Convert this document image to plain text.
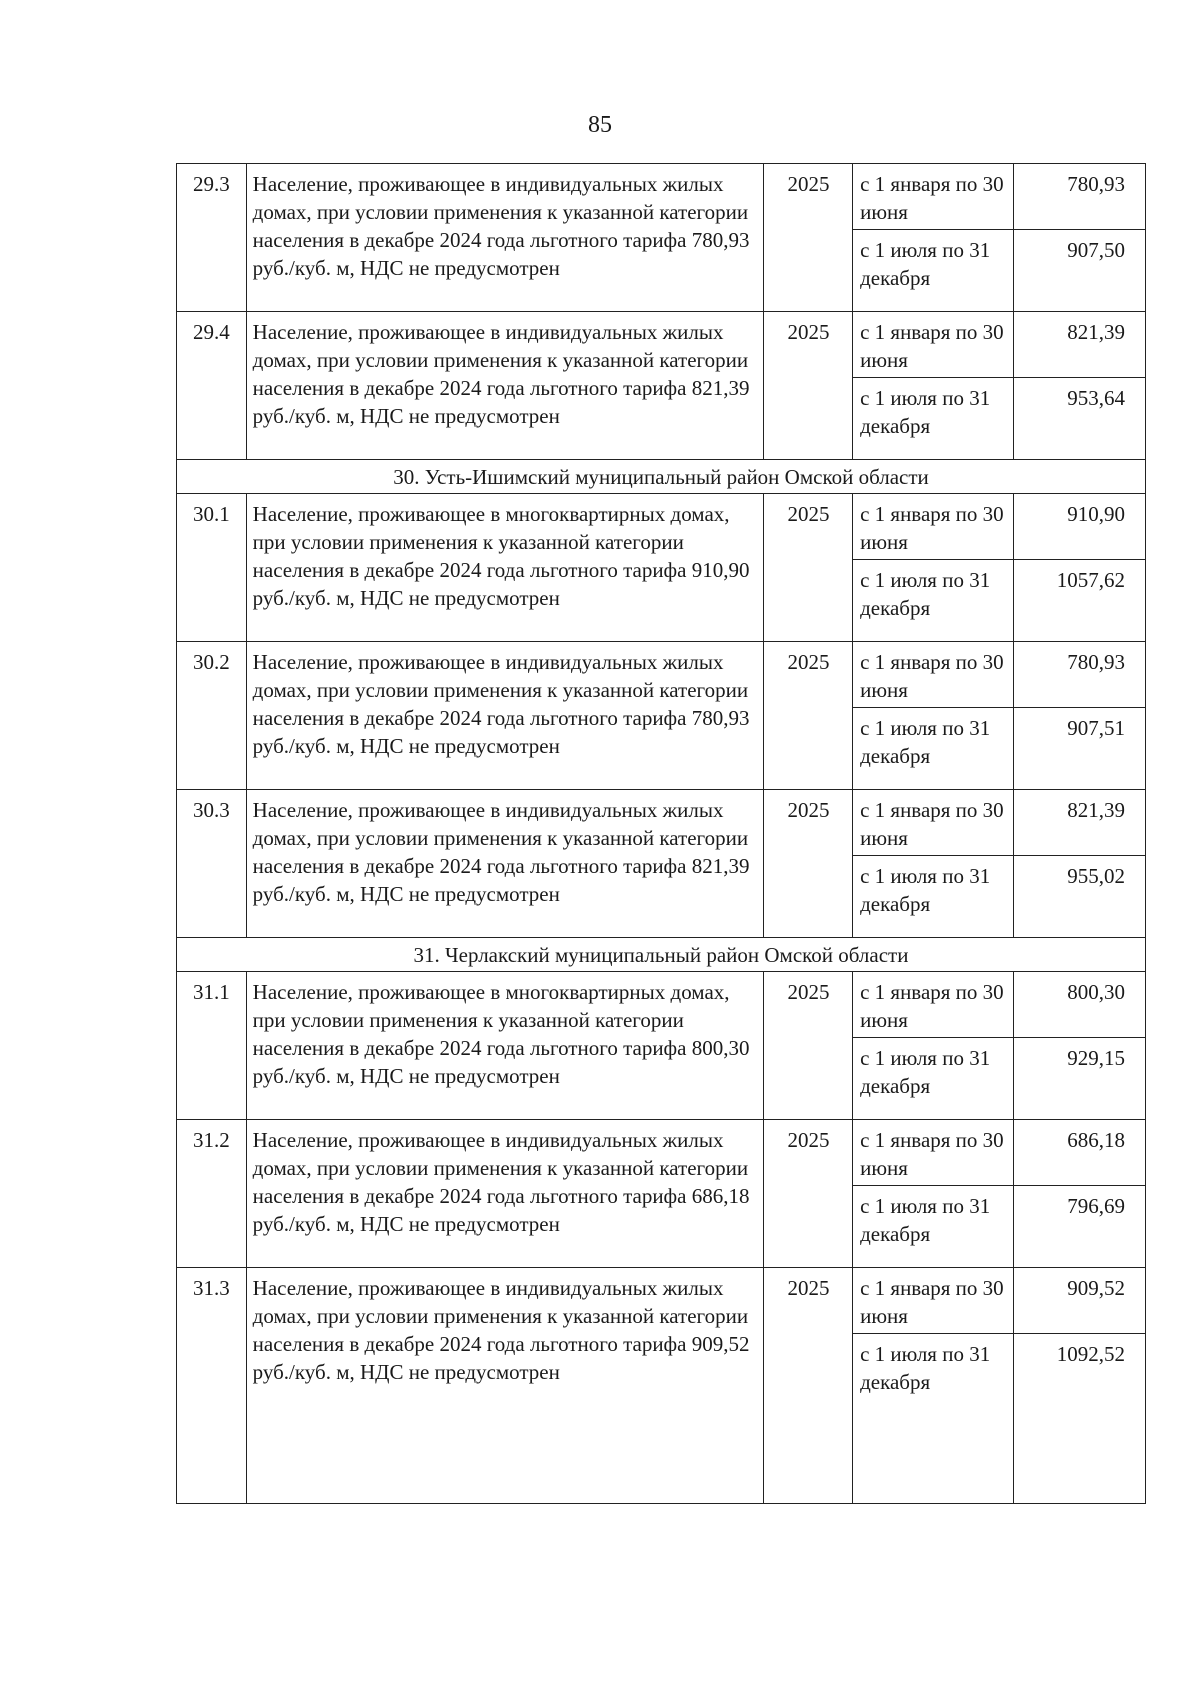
85
29.3	Население, проживающее в индивидуальных жилых домах, при условии применения к указанной категории населения в декабре 2024 года льготного тарифа 780,93 руб./куб. м, НДС не предусмотрен	2025	с 1 января по 30 июня	780,93
			с 1 июля по 31 декабря	907,50
29.4	Население, проживающее в индивидуальных жилых домах, при условии применения к указанной категории населения в декабре 2024 года льготного тарифа 821,39 руб./куб. м, НДС не предусмотрен	2025	с 1 января по 30 июня	821,39
			с 1 июля по 31 декабря	953,64
30. Усть-Ишимский муниципальный район Омской области				
30.1	Население, проживающее в многоквартирных домах, при условии применения к указанной категории населения в декабре 2024 года льготного тарифа 910,90 руб./куб. м, НДС не предусмотрен	2025	с 1 января по 30 июня	910,90
			с 1 июля по 31 декабря	1057,62
30.2	Население, проживающее в индивидуальных жилых домах, при условии применения к указанной категории населения в декабре 2024 года льготного тарифа 780,93 руб./куб. м, НДС не предусмотрен	2025	с 1 января по 30 июня	780,93
			с 1 июля по 31 декабря	907,51
30.3	Население, проживающее в индивидуальных жилых домах, при условии применения к указанной категории населения в декабре 2024 года льготного тарифа 821,39 руб./куб. м, НДС не предусмотрен	2025	с 1 января по 30 июня	821,39
			с 1 июля по 31 декабря	955,02
31. Черлакский муниципальный район Омской области				
31.1	Население, проживающее в многоквартирных домах, при условии применения к указанной категории населения в декабре 2024 года льготного тарифа 800,30 руб./куб. м, НДС не предусмотрен	2025	с 1 января по 30 июня	800,30
			с 1 июля по 31 декабря	929,15
31.2	Население, проживающее в индивидуальных жилых домах, при условии применения к указанной категории населения в декабре 2024 года льготного тарифа 686,18 руб./куб. м, НДС не предусмотрен	2025	с 1 января по 30 июня	686,18
			с 1 июля по 31 декабря	796,69
31.3	Население, проживающее в индивидуальных жилых домах, при условии применения к указанной категории населения в декабре 2024 года льготного тарифа 909,52 руб./куб. м, НДС не предусмотрен	2025	с 1 января по 30 июня	909,52
			с 1 июля по 31 декабря	1092,52
